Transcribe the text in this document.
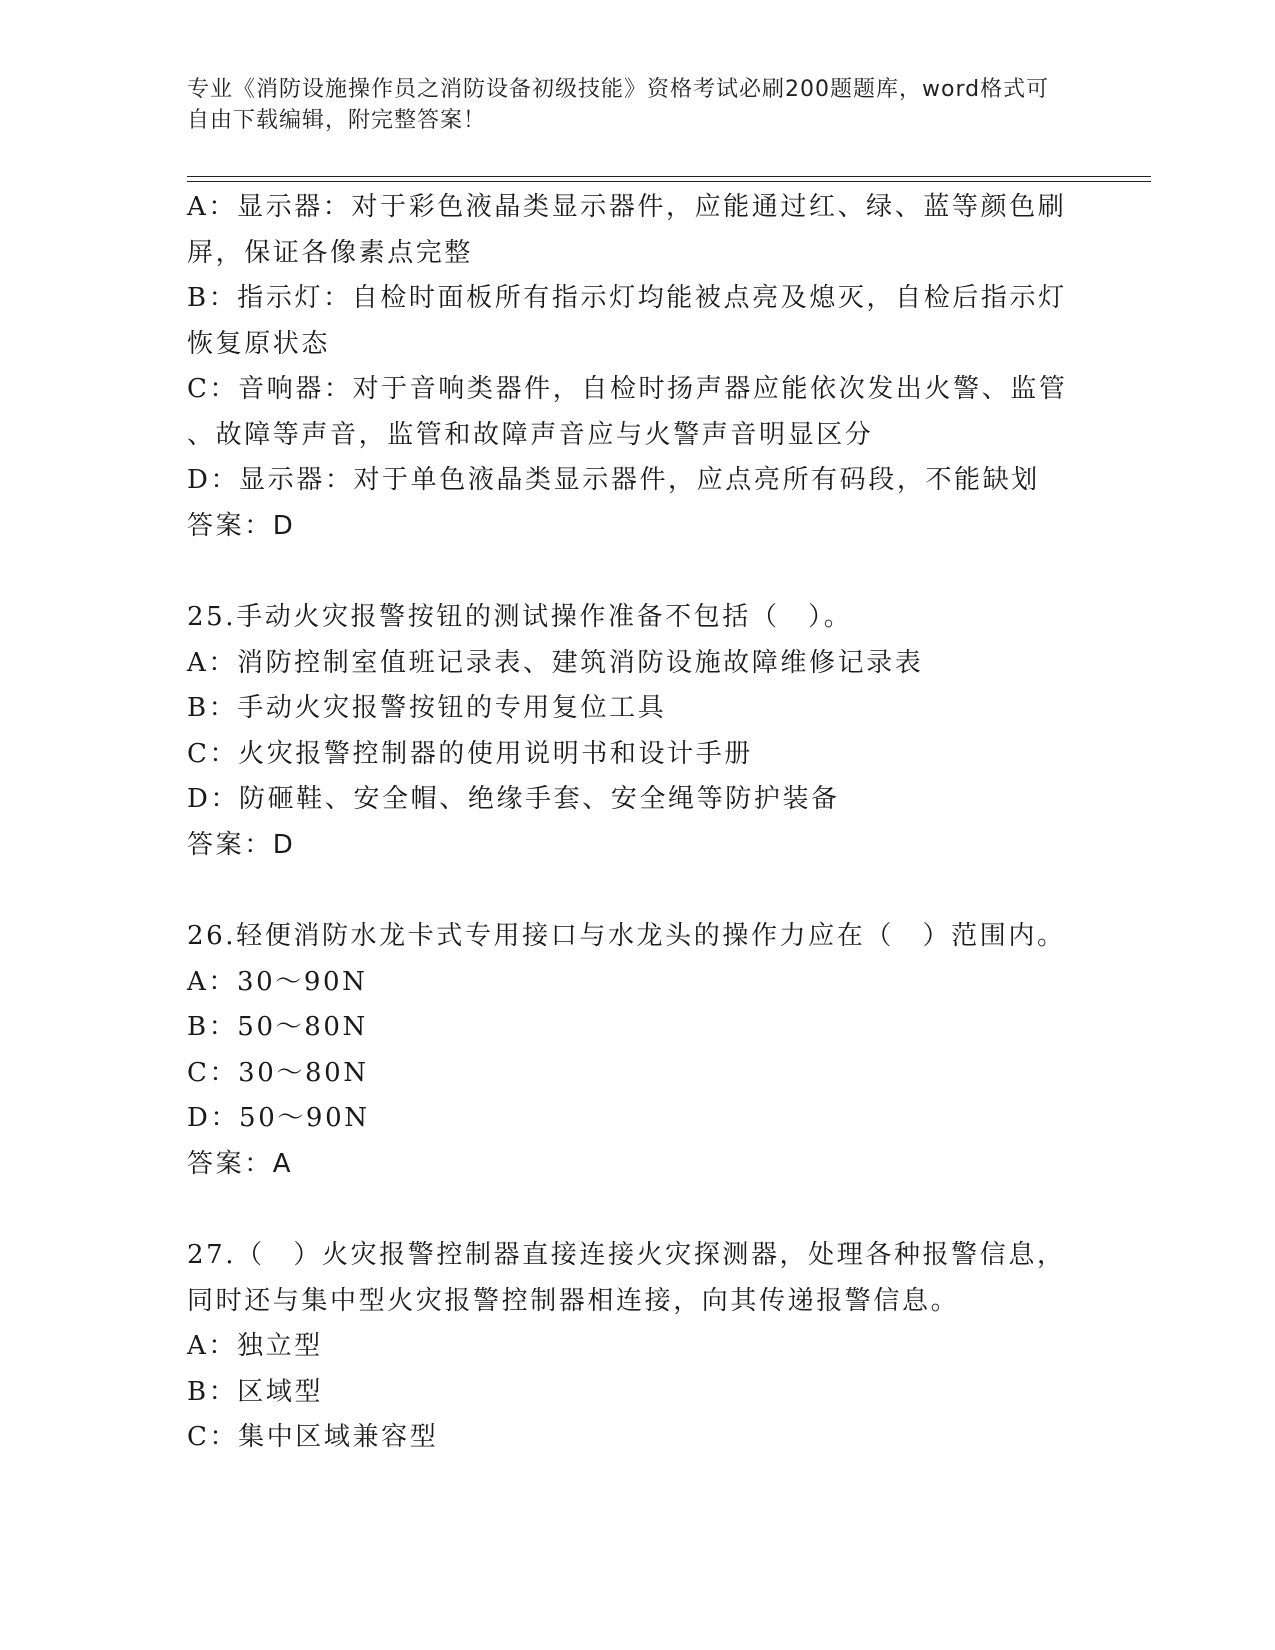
专业《消防设施操作员之消防设备初级技能》资格考试必刷200题题库，word格式可自由下载编辑，附完整答案！

A：显示器：对于彩色液晶类显示器件，应能通过红、绿、蓝等颜色刷

屏，保证各像素点完整

B：指示灯：自检时面板所有指示灯均能被点亮及熄灭，自检后指示灯

恢复原状态

C：音响器：对于音响类器件，自检时扬声器应能依次发出火警、监管

、故障等声音，监管和故障声音应与火警声音明显区分

D：显示器：对于单色液晶类显示器件，应点亮所有码段，不能缺划

答案：D

25.手动火灾报警按钮的测试操作准备不包括（　）。

A：消防控制室值班记录表、建筑消防设施故障维修记录表

B：手动火灾报警按钮的专用复位工具

C：火灾报警控制器的使用说明书和设计手册

D：防砸鞋、安全帽、绝缘手套、安全绳等防护装备

答案：D

26.轻便消防水龙卡式专用接口与水龙头的操作力应在（　）范围内。

A：30～90N

B：50～80N

C：30～80N

D：50～90N

答案：A

27.（　）火灾报警控制器直接连接火灾探测器，处理各种报警信息，

同时还与集中型火灾报警控制器相连接，向其传递报警信息。

A：独立型

B：区域型

C：集中区域兼容型
